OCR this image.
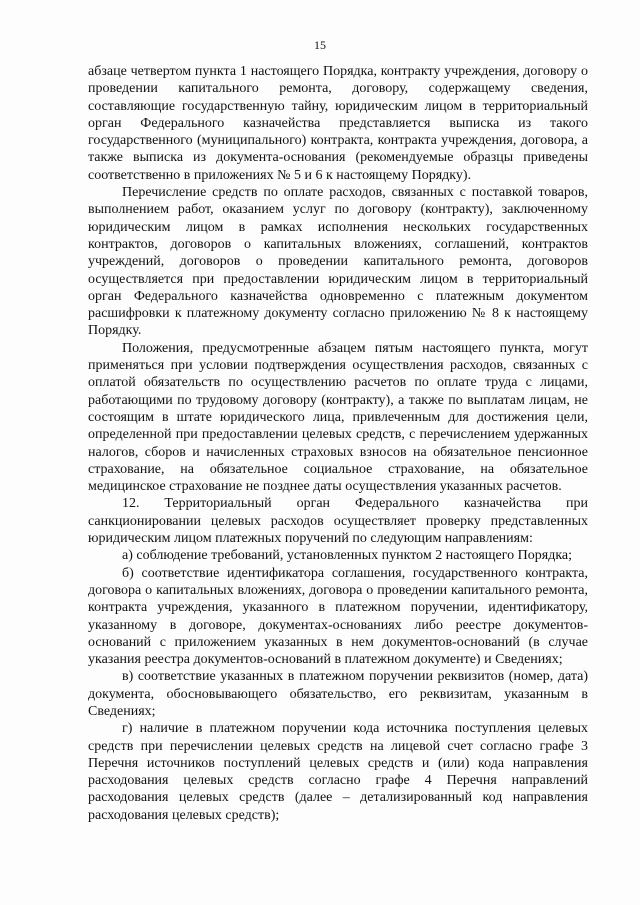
15

абзаце четвертом пункта 1 настоящего Порядка, контракту учреждения, договору о проведении капитального ремонта, договору, содержащему сведения, составляющие государственную тайну, юридическим лицом в территориальный орган Федерального казначейства представляется выписка из такого государственного (муниципального) контракта, контракта учреждения, договора, а также выписка из документа-основания (рекомендуемые образцы приведены соответственно в приложениях № 5 и 6 к настоящему Порядку).

Перечисление средств по оплате расходов, связанных с поставкой товаров, выполнением работ, оказанием услуг по договору (контракту), заключенному юридическим лицом в рамках исполнения нескольких государственных контрактов, договоров о капитальных вложениях, соглашений, контрактов учреждений, договоров о проведении капитального ремонта, договоров осуществляется при предоставлении юридическим лицом в территориальный орган Федерального казначейства одновременно с платежным документом расшифровки к платежному документу согласно приложению № 8 к настоящему Порядку.

Положения, предусмотренные абзацем пятым настоящего пункта, могут применяться при условии подтверждения осуществления расходов, связанных с оплатой обязательств по осуществлению расчетов по оплате труда с лицами, работающими по трудовому договору (контракту), а также по выплатам лицам, не состоящим в штате юридического лица, привлеченным для достижения цели, определенной при предоставлении целевых средств, с перечислением удержанных налогов, сборов и начисленных страховых взносов на обязательное пенсионное страхование, на обязательное социальное страхование, на обязательное медицинское страхование не позднее даты осуществления указанных расчетов.

12. Территориальный орган Федерального казначейства при санкционировании целевых расходов осуществляет проверку представленных юридическим лицом платежных поручений по следующим направлениям:

а) соблюдение требований, установленных пунктом 2 настоящего Порядка;

б) соответствие идентификатора соглашения, государственного контракта, договора о капитальных вложениях, договора о проведении капитального ремонта, контракта учреждения, указанного в платежном поручении, идентификатору, указанному в договоре, документах-основаниях либо реестре документов-оснований с приложением указанных в нем документов-оснований (в случае указания реестра документов-оснований в платежном документе) и Сведениях;

в) соответствие указанных в платежном поручении реквизитов (номер, дата) документа, обосновывающего обязательство, его реквизитам, указанным в Сведениях;

г) наличие в платежном поручении кода источника поступления целевых средств при перечислении целевых средств на лицевой счет согласно графе 3 Перечня источников поступлений целевых средств и (или) кода направления расходования целевых средств согласно графе 4 Перечня направлений расходования целевых средств (далее – детализированный код направления расходования целевых средств);
